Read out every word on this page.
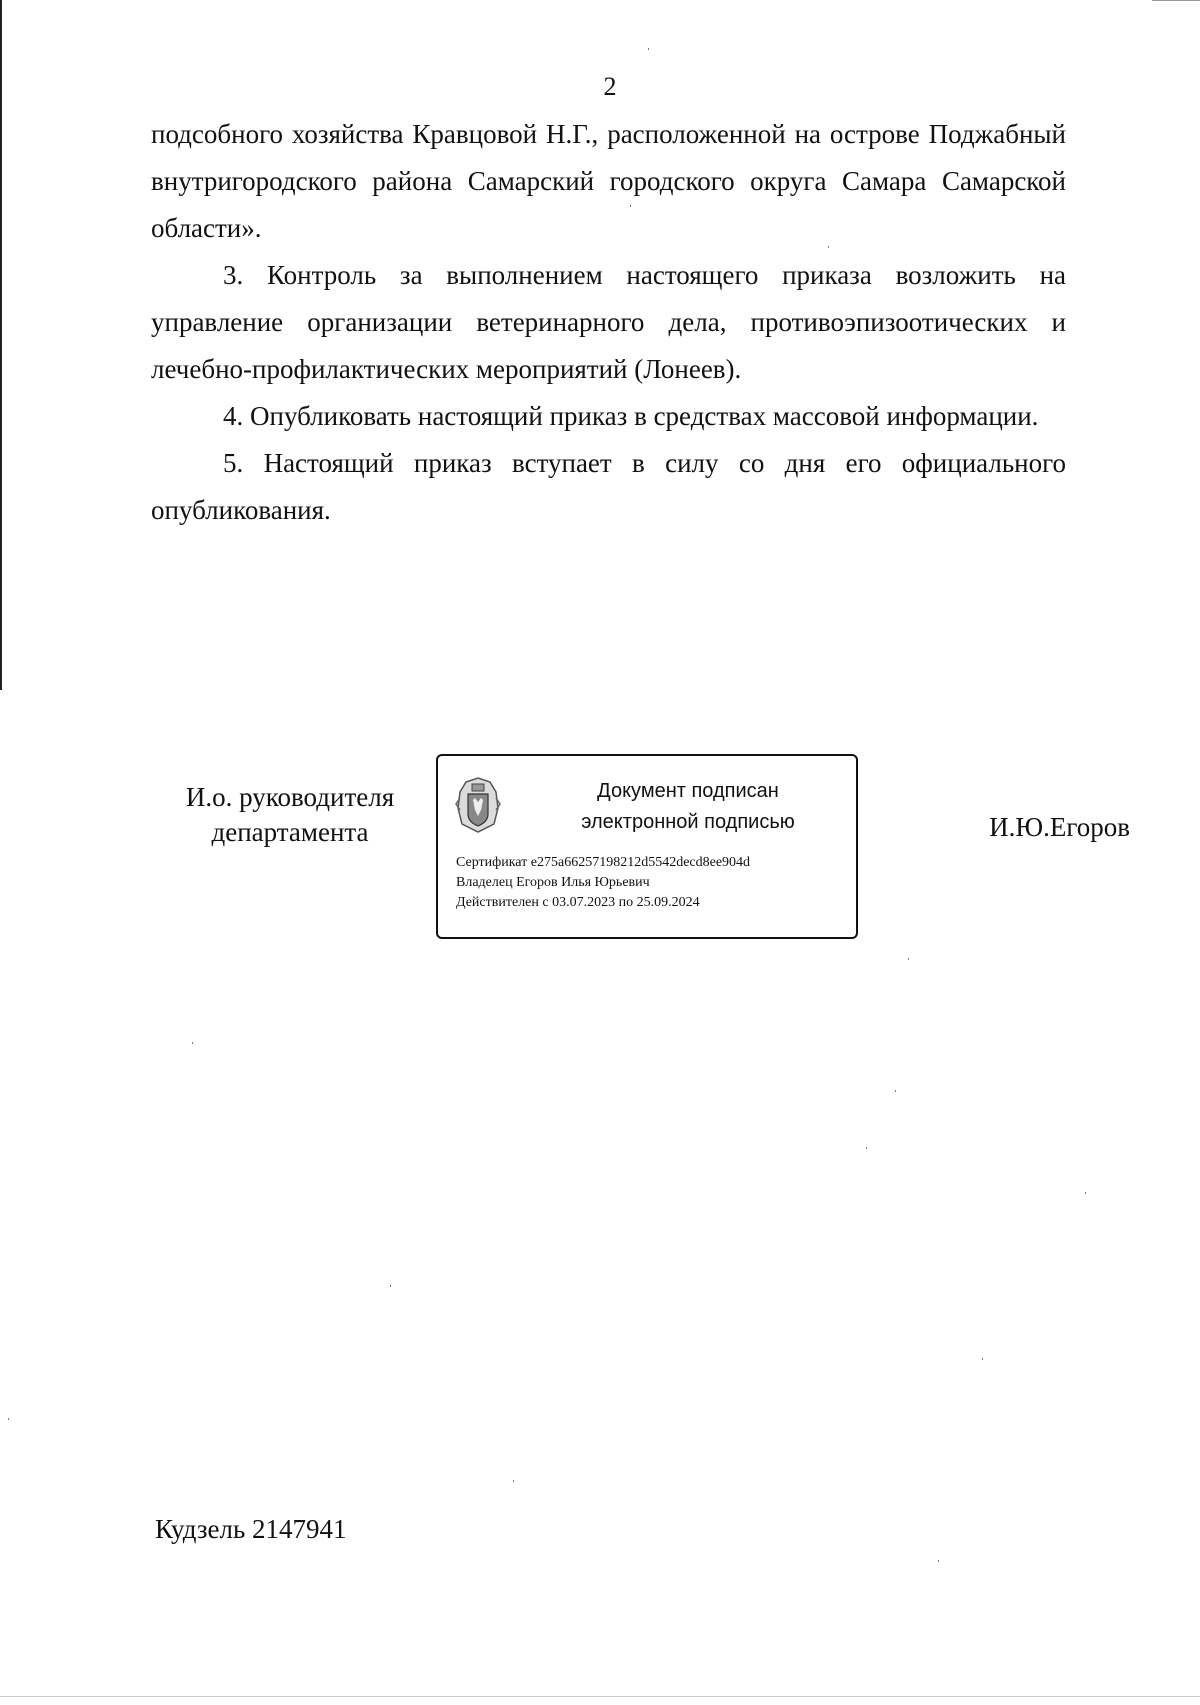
2

подсобного хозяйства Кравцовой Н.Г., расположенной на острове Поджабный внутригородского района Самарский городского округа Самара Самарской области».

3. Контроль за выполнением настоящего приказа возложить на управление организации ветеринарного дела, противоэпизоотических и лечебно-профилактических мероприятий (Лонеев).

4. Опубликовать настоящий приказ в средствах массовой информации.

5. Настоящий приказ вступает в силу со дня его официального опубликования.

И.о. руководителя
департамента
Документ подписан
электронной подписью
Сертификат e275a66257198212d5542decd8ee904d
Владелец Егоров Илья Юрьевич
Действителен с 03.07.2023 по 25.09.2024
И.Ю.Егоров
Кудзель 2147941
